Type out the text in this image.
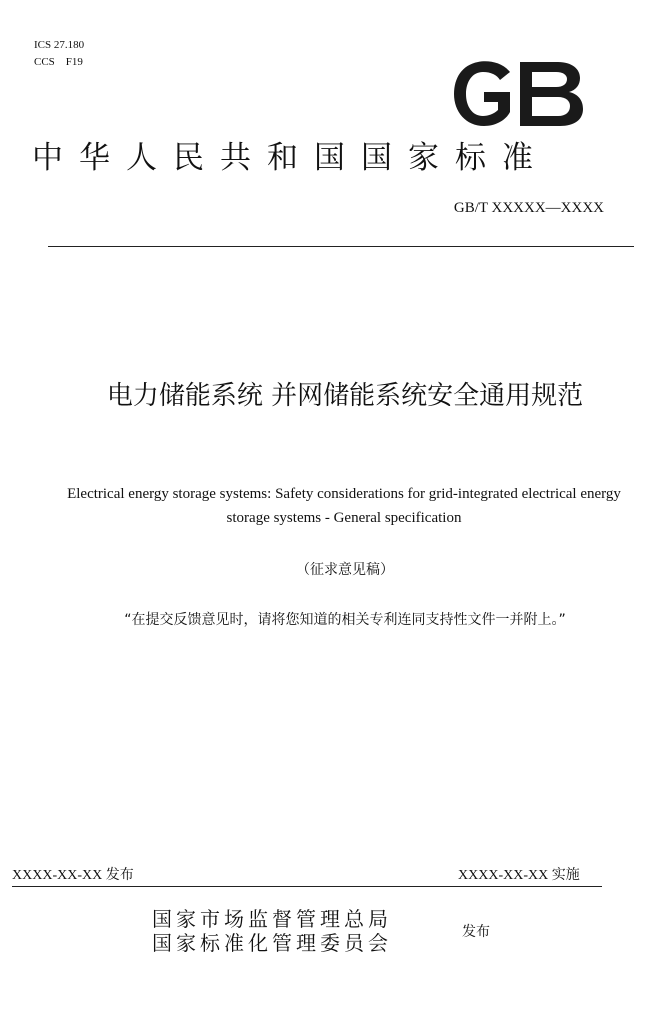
ICS 27.180
CCS　F19
中华人民共和国国家标准
GB/T XXXXX—XXXX
电力储能系统 并网储能系统安全通用规范
Electrical energy storage systems: Safety considerations for grid-integrated electrical energy storage systems - General specification
（征求意见稿）
“在提交反馈意见时，请将您知道的相关专利连同支持性文件一并附上。”
XXXX-XX-XX 发布	XXXX-XX-XX 实施
国家市场监督管理总局
国家标准化管理委员会
发布
